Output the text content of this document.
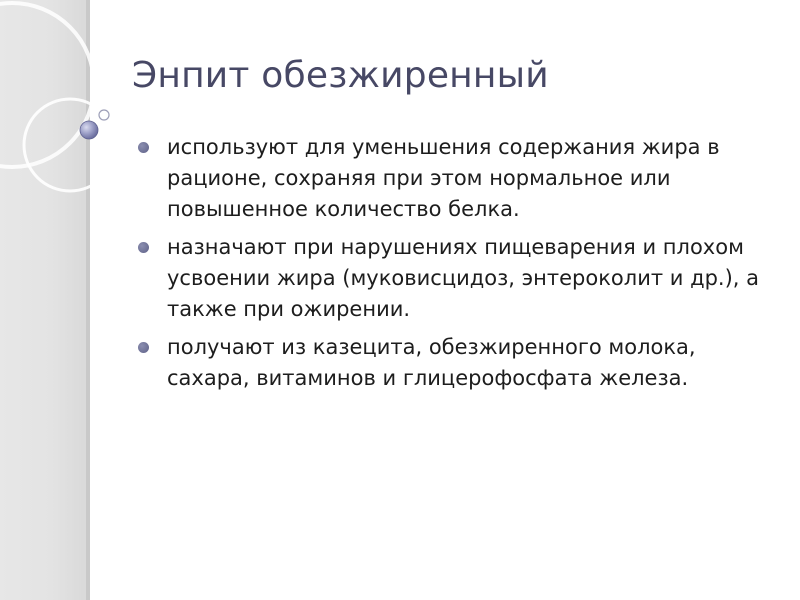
Энпит обезжиренный
используют для уменьшения содержания жира в рационе, сохраняя при этом нормальное или повышенное количество белка.
назначают при нарушениях пищеварения и плохом усвоении жира (муковисцидоз, энтероколит и др.), а также при ожирении.
получают из казецита, обезжиренного молока, сахара, витаминов и глицерофосфата железа.
